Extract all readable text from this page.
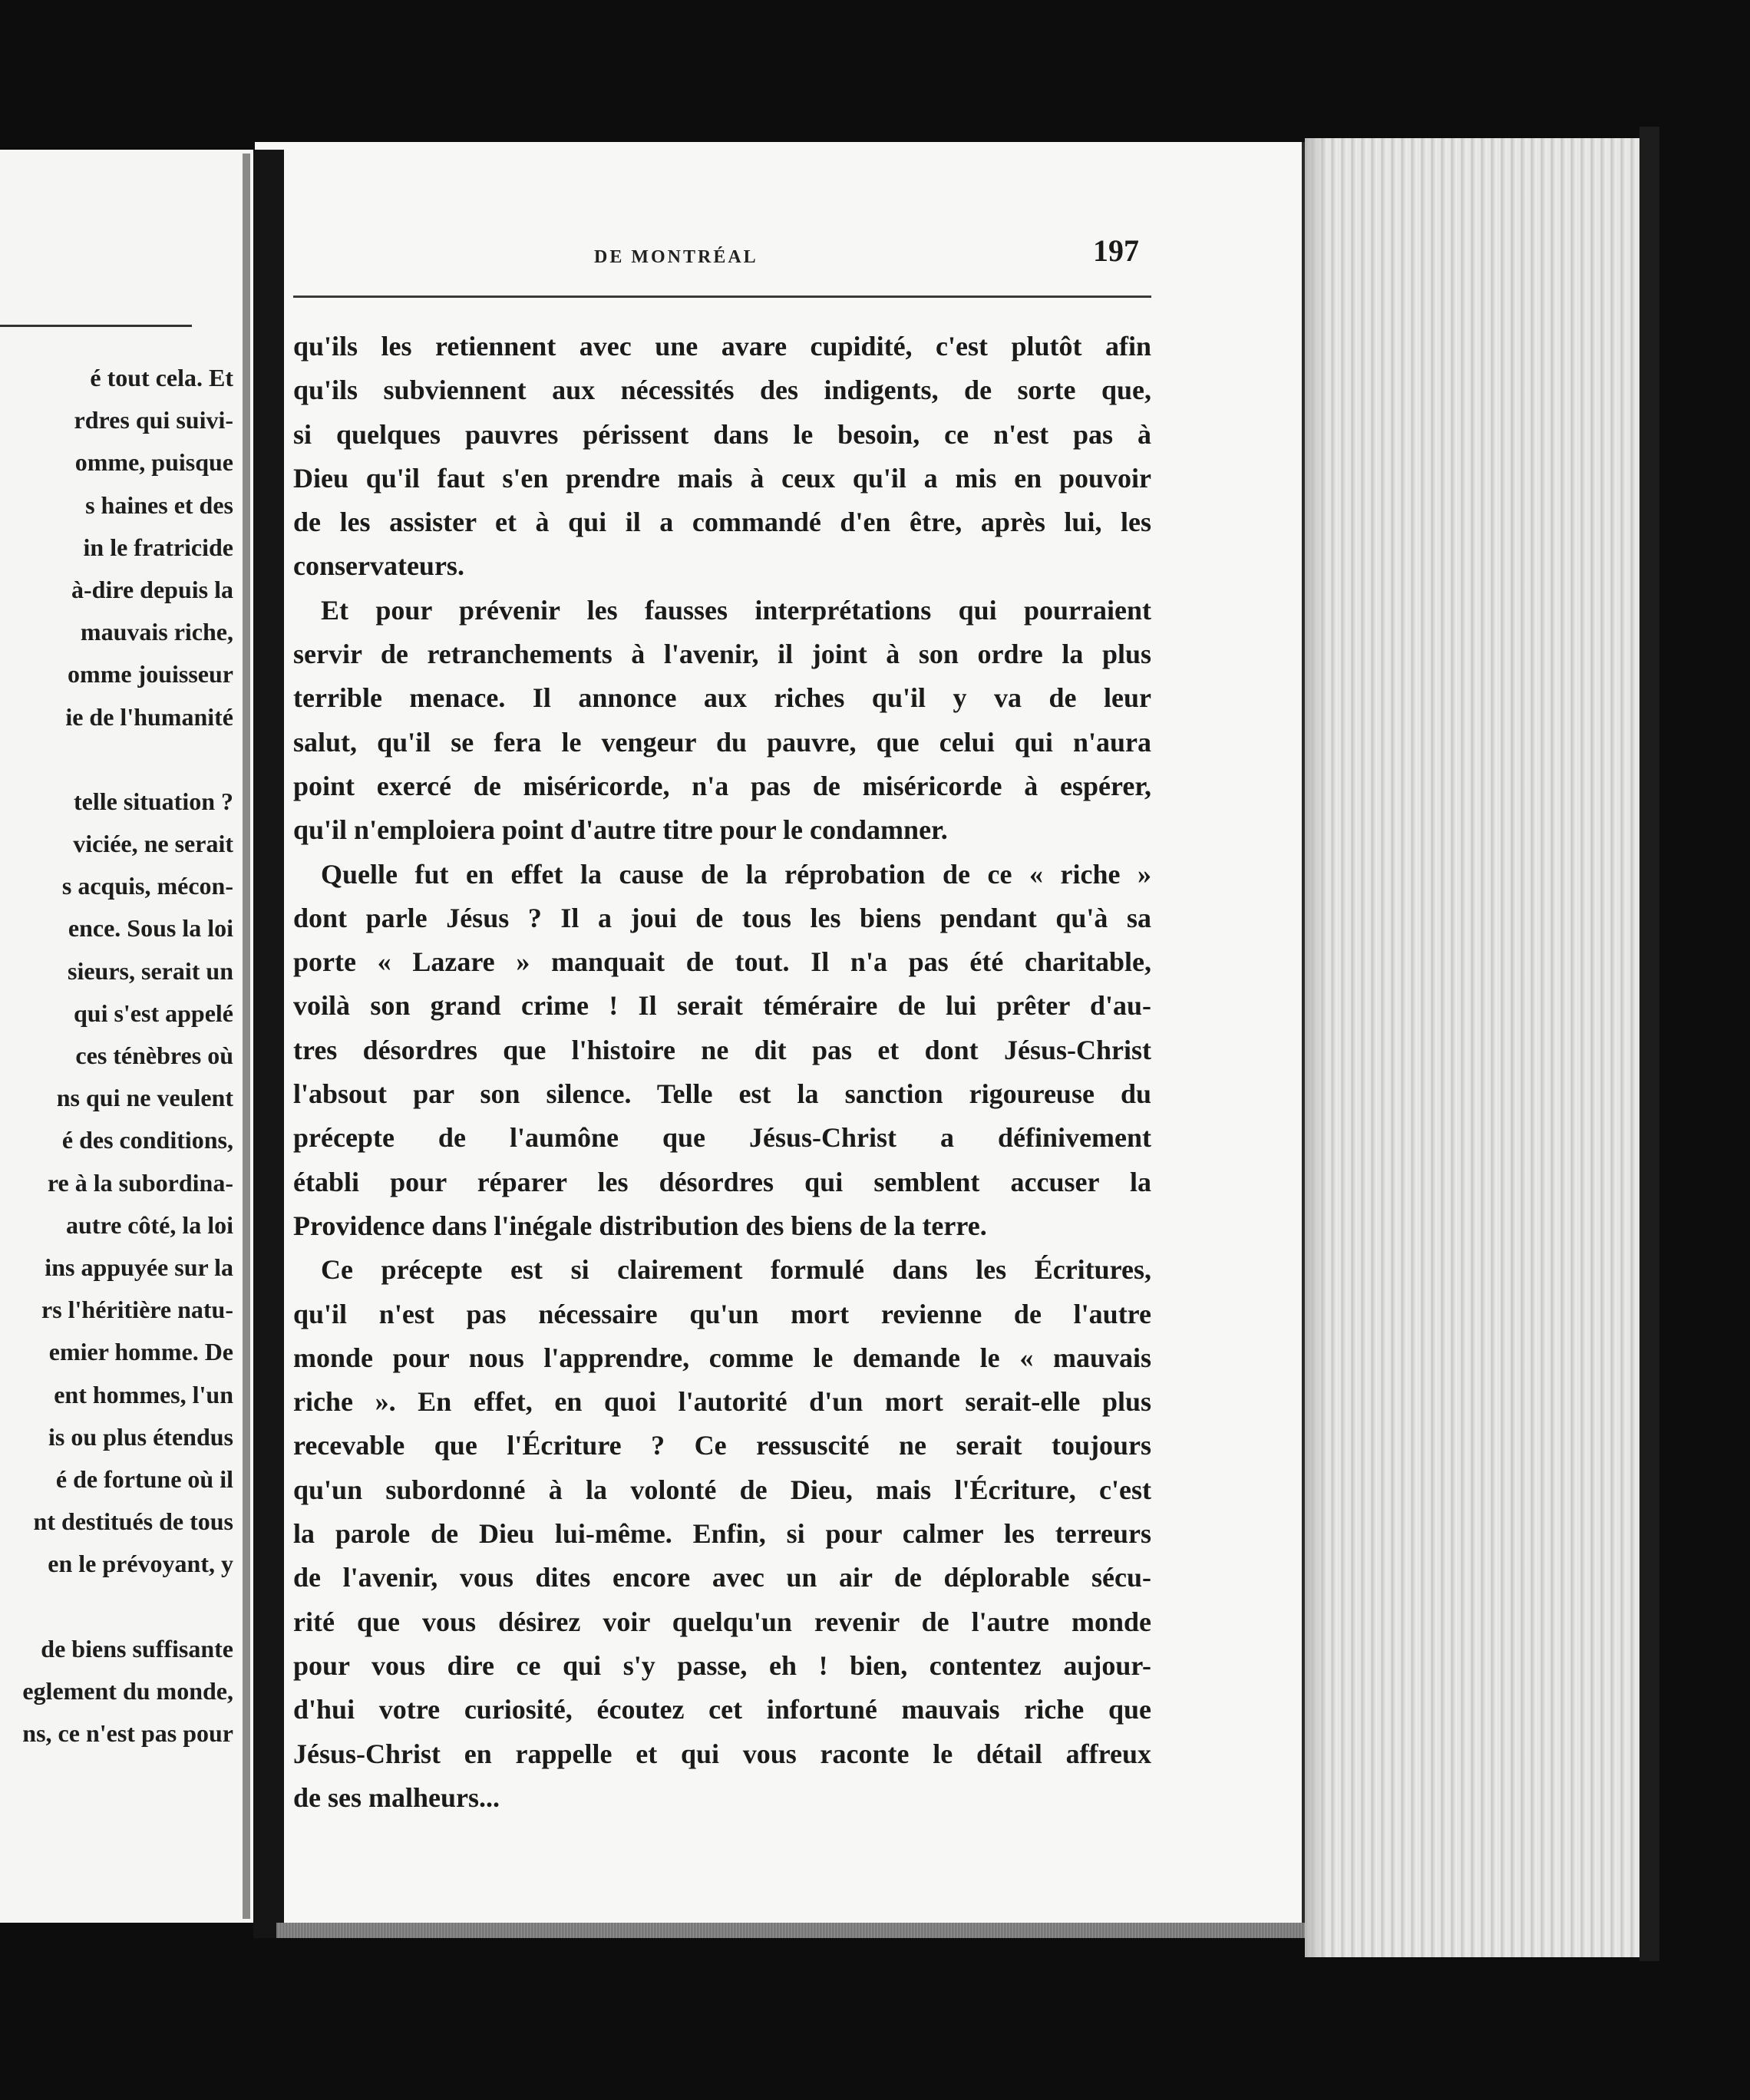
é tout cela. Et
rdres qui suivi-
omme, puisque
s haines et des
in le fratricide
à-dire depuis la
mauvais riche,
omme jouisseur
ie de l'humanité
telle situation ?
viciée, ne serait
s acquis, mécon-
ence. Sous la loi
sieurs, serait un
qui s'est appelé
ces ténèbres où
ns qui ne veulent
é des conditions,
re à la subordina-
autre côté, la loi
ins appuyée sur la
rs l'héritière natu-
emier homme. De
ent hommes, l'un
is ou plus étendus
é de fortune où il
nt destitués de tous
en le prévoyant, y
de biens suffisante
eglement du monde,
ns, ce n'est pas pour
DE MONTRÉAL	197
qu'ils les retiennent avec une avare cupidité, c'est plutôt afin
qu'ils subviennent aux nécessités des indigents, de sorte que,
si quelques pauvres périssent dans le besoin, ce n'est pas à
Dieu qu'il faut s'en prendre mais à ceux qu'il a mis en pouvoir
de les assister et à qui il a commandé d'en être, après lui, les
conservateurs.
Et pour prévenir les fausses interprétations qui pourraient
servir de retranchements à l'avenir, il joint à son ordre la plus
terrible menace. Il annonce aux riches qu'il y va de leur
salut, qu'il se fera le vengeur du pauvre, que celui qui n'aura
point exercé de miséricorde, n'a pas de miséricorde à espérer,
qu'il n'emploiera point d'autre titre pour le condamner.
Quelle fut en effet la cause de la réprobation de ce « riche »
dont parle Jésus ? Il a joui de tous les biens pendant qu'à sa
porte « Lazare » manquait de tout. Il n'a pas été charitable,
voilà son grand crime ! Il serait téméraire de lui prêter d'au-
tres désordres que l'histoire ne dit pas et dont Jésus-Christ
l'absout par son silence. Telle est la sanction rigoureuse du
précepte de l'aumône que Jésus-Christ a définivement
établi pour réparer les désordres qui semblent accuser la
Providence dans l'inégale distribution des biens de la terre.
Ce précepte est si clairement formulé dans les Écritures,
qu'il n'est pas nécessaire qu'un mort revienne de l'autre
monde pour nous l'apprendre, comme le demande le « mauvais
riche ». En effet, en quoi l'autorité d'un mort serait-elle plus
recevable que l'Écriture ? Ce ressuscité ne serait toujours
qu'un subordonné à la volonté de Dieu, mais l'Écriture, c'est
la parole de Dieu lui-même. Enfin, si pour calmer les terreurs
de l'avenir, vous dites encore avec un air de déplorable sécu-
rité que vous désirez voir quelqu'un revenir de l'autre monde
pour vous dire ce qui s'y passe, eh ! bien, contentez aujour-
d'hui votre curiosité, écoutez cet infortuné mauvais riche que
Jésus-Christ en rappelle et qui vous raconte le détail affreux
de ses malheurs...
